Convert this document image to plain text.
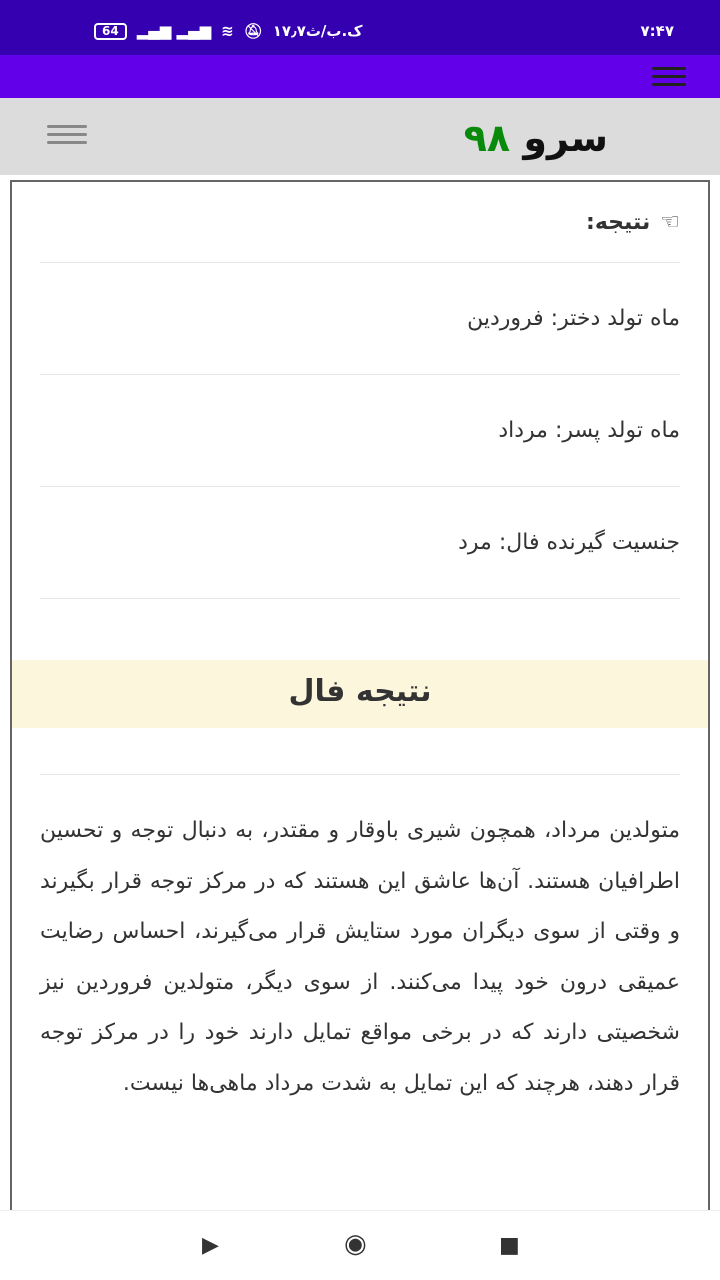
64	▂▄▆ ▂▄▆ ≋ 🔕︎ ۱۷٫۷ک.ب/ث	۷:۴۷
سرو ۹۸
☜
نتیجه:
ماه تولد دختر: فروردین
ماه تولد پسر: مرداد
جنسیت گیرنده فال: مرد
نتیجه فال

متولدین مرداد، همچون شیری باوقار و مقتدر، به دنبال توجه و تحسین اطرافیان هستند. آن‌ها عاشق این هستند که در مرکز توجه قرار بگیرند و وقتی از سوی دیگران مورد ستایش قرار می‌گیرند، احساس رضایت عمیقی درون خود پیدا می‌کنند. از سوی دیگر، متولدین فروردین نیز شخصیتی دارند که در برخی مواقع تمایل دارند خود را در مرکز توجه قرار دهند، هرچند که این تمایل به شدت مرداد ماهی‌ها نیست.

▶	◉	■
